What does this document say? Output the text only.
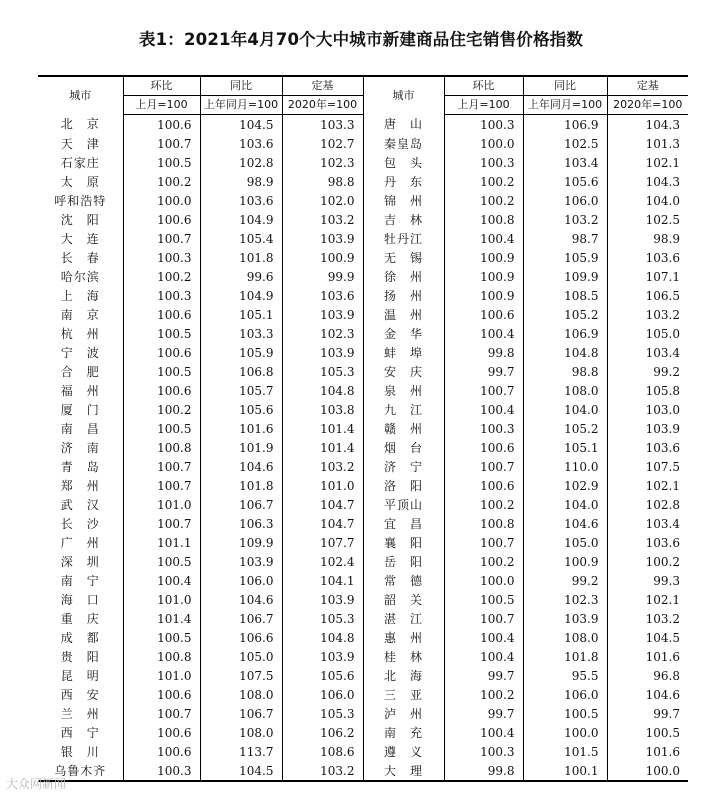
表1：2021年4月70个大中城市新建商品住宅销售价格指数
城市	环比	同比	定基	城市	环比	同比	定基
	上月=100	上年同月=100	2020年=100		上月=100	上年同月=100	2020年=100
北　京	100.6	104.5	103.3	唐　山	100.3	106.9	104.3
天　津	100.7	103.6	102.7	秦皇岛	100.0	102.5	101.3
石家庄	100.5	102.8	102.3	包　头	100.3	103.4	102.1
太　原	100.2	98.9	98.8	丹　东	100.2	105.6	104.3
呼和浩特	100.0	103.6	102.0	锦　州	100.2	106.0	104.0
沈　阳	100.6	104.9	103.2	吉　林	100.8	103.2	102.5
大　连	100.7	105.4	103.9	牡丹江	100.4	98.7	98.9
长　春	100.3	101.8	100.9	无　锡	100.9	105.9	103.6
哈尔滨	100.2	99.6	99.9	徐　州	100.9	109.9	107.1
上　海	100.3	104.9	103.6	扬　州	100.9	108.5	106.5
南　京	100.6	105.1	103.9	温　州	100.6	105.2	103.2
杭　州	100.5	103.3	102.3	金　华	100.4	106.9	105.0
宁　波	100.6	105.9	103.9	蚌　埠	99.8	104.8	103.4
合　肥	100.5	106.8	105.3	安　庆	99.7	98.8	99.2
福　州	100.6	105.7	104.8	泉　州	100.7	108.0	105.8
厦　门	100.2	105.6	103.8	九　江	100.4	104.0	103.0
南　昌	100.5	101.6	101.4	赣　州	100.3	105.2	103.9
济　南	100.8	101.9	101.4	烟　台	100.6	105.1	103.6
青　岛	100.7	104.6	103.2	济　宁	100.7	110.0	107.5
郑　州	100.7	101.8	101.0	洛　阳	100.6	102.9	102.1
武　汉	101.0	106.7	104.7	平顶山	100.2	104.0	102.8
长　沙	100.7	106.3	104.7	宜　昌	100.8	104.6	103.4
广　州	101.1	109.9	107.7	襄　阳	100.7	105.0	103.6
深　圳	100.5	103.9	102.4	岳　阳	100.2	100.9	100.2
南　宁	100.4	106.0	104.1	常　德	100.0	99.2	99.3
海　口	101.0	104.6	103.9	韶　关	100.5	102.3	102.1
重　庆	101.4	106.7	105.3	湛　江	100.7	103.9	103.2
成　都	100.5	106.6	104.8	惠　州	100.4	108.0	104.5
贵　阳	100.8	105.0	103.9	桂　林	100.4	101.8	101.6
昆　明	101.0	107.5	105.6	北　海	99.7	95.5	96.8
西　安	100.6	108.0	106.0	三　亚	100.2	106.0	104.6
兰　州	100.7	106.7	105.3	泸　州	99.7	100.5	99.7
西　宁	100.6	108.0	106.2	南　充	100.4	100.0	100.5
银　川	100.6	113.7	108.6	遵　义	100.3	101.5	101.6
乌鲁木齐	100.3	104.5	103.2	大　理	99.8	100.1	100.0
大众网新闻
